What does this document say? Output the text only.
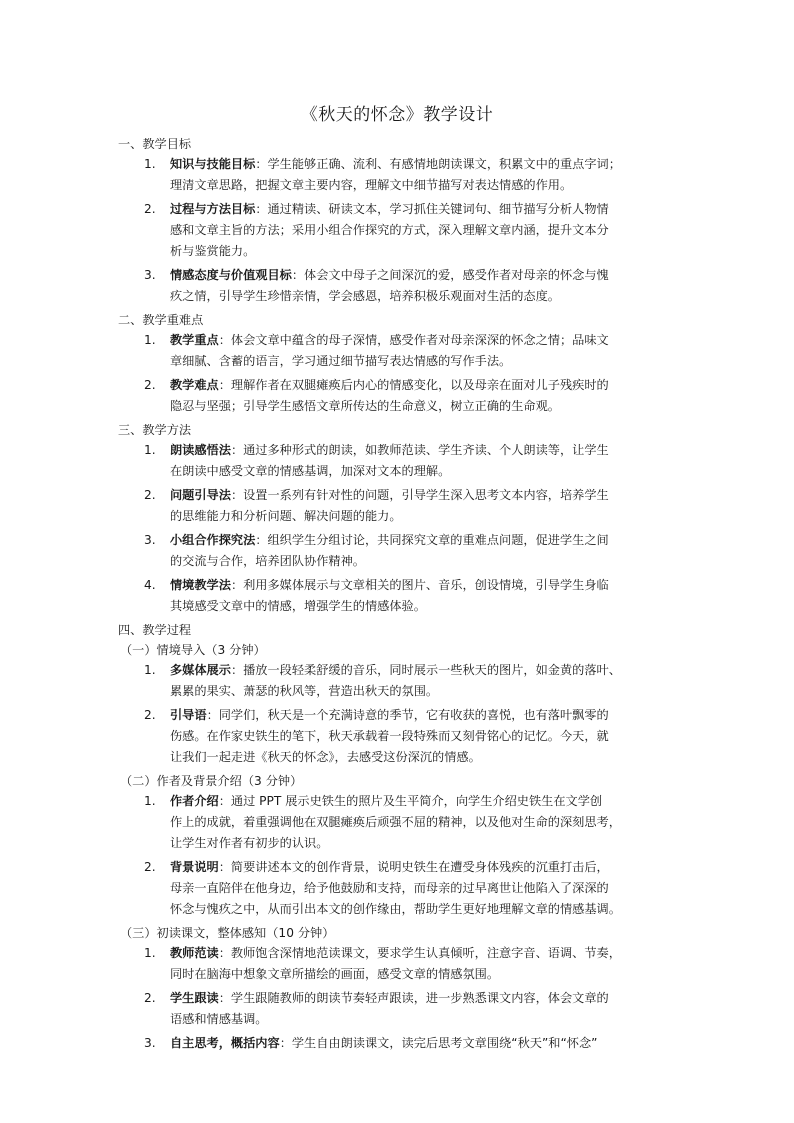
《秋天的怀念》教学设计
一、教学目标
1. 知识与技能目标：学生能够正确、流利、有感情地朗读课文，积累文中的重点字词；
理清文章思路，把握文章主要内容，理解文中细节描写对表达情感的作用。
2. 过程与方法目标：通过精读、研读文本，学习抓住关键词句、细节描写分析人物情
感和文章主旨的方法；采用小组合作探究的方式，深入理解文章内涵，提升文本分
析与鉴赏能力。
3. 情感态度与价值观目标：体会文中母子之间深沉的爱，感受作者对母亲的怀念与愧
疚之情，引导学生珍惜亲情，学会感恩，培养积极乐观面对生活的态度。
二、教学重难点
1. 教学重点：体会文章中蕴含的母子深情，感受作者对母亲深深的怀念之情；品味文
章细腻、含蓄的语言，学习通过细节描写表达情感的写作手法。
2. 教学难点：理解作者在双腿瘫痪后内心的情感变化，以及母亲在面对儿子残疾时的
隐忍与坚强；引导学生感悟文章所传达的生命意义，树立正确的生命观。
三、教学方法
1. 朗读感悟法：通过多种形式的朗读，如教师范读、学生齐读、个人朗读等，让学生
在朗读中感受文章的情感基调，加深对文本的理解。
2. 问题引导法：设置一系列有针对性的问题，引导学生深入思考文本内容，培养学生
的思维能力和分析问题、解决问题的能力。
3. 小组合作探究法：组织学生分组讨论，共同探究文章的重难点问题，促进学生之间
的交流与合作，培养团队协作精神。
4. 情境教学法：利用多媒体展示与文章相关的图片、音乐，创设情境，引导学生身临
其境感受文章中的情感，增强学生的情感体验。
四、教学过程
（一）情境导入（3 分钟）
1. 多媒体展示：播放一段轻柔舒缓的音乐，同时展示一些秋天的图片，如金黄的落叶、
累累的果实、萧瑟的秋风等，营造出秋天的氛围。
2. 引导语：同学们，秋天是一个充满诗意的季节，它有收获的喜悦，也有落叶飘零的
伤感。在作家史铁生的笔下，秋天承载着一段特殊而又刻骨铭心的记忆。今天，就
让我们一起走进《秋天的怀念》，去感受这份深沉的情感。
（二）作者及背景介绍（3 分钟）
1. 作者介绍：通过 PPT 展示史铁生的照片及生平简介，向学生介绍史铁生在文学创
作上的成就，着重强调他在双腿瘫痪后顽强不屈的精神，以及他对生命的深刻思考，
让学生对作者有初步的认识。
2. 背景说明：简要讲述本文的创作背景，说明史铁生在遭受身体残疾的沉重打击后，
母亲一直陪伴在他身边，给予他鼓励和支持，而母亲的过早离世让他陷入了深深的
怀念与愧疚之中，从而引出本文的创作缘由，帮助学生更好地理解文章的情感基调。
（三）初读课文，整体感知（10 分钟）
1. 教师范读：教师饱含深情地范读课文，要求学生认真倾听，注意字音、语调、节奏，
同时在脑海中想象文章所描绘的画面，感受文章的情感氛围。
2. 学生跟读：学生跟随教师的朗读节奏轻声跟读，进一步熟悉课文内容，体会文章的
语感和情感基调。
3. 自主思考，概括内容：学生自由朗读课文，读完后思考文章围绕“秋天”和“怀念”
